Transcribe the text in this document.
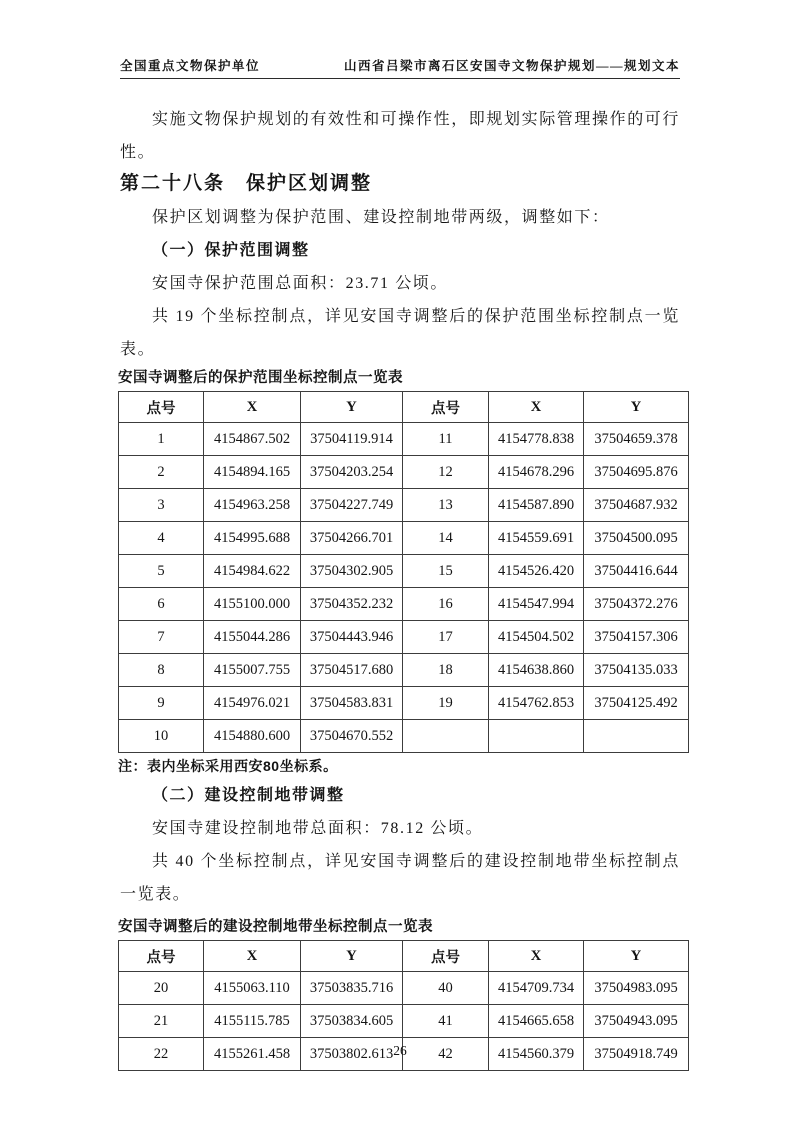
全国重点文物保护单位	山西省吕梁市离石区安国寺文物保护规划——规划文本

实施文物保护规划的有效性和可操作性，即规划实际管理操作的可行性。

第二十八条　保护区划调整

保护区划调整为保护范围、建设控制地带两级，调整如下：

（一）保护范围调整

安国寺保护范围总面积：23.71 公顷。

共 19 个坐标控制点，详见安国寺调整后的保护范围坐标控制点一览表。

安国寺调整后的保护范围坐标控制点一览表
点号	X	Y	点号	X	Y
1	4154867.502	37504119.914	11	4154778.838	37504659.378
2	4154894.165	37504203.254	12	4154678.296	37504695.876
3	4154963.258	37504227.749	13	4154587.890	37504687.932
4	4154995.688	37504266.701	14	4154559.691	37504500.095
5	4154984.622	37504302.905	15	4154526.420	37504416.644
6	4155100.000	37504352.232	16	4154547.994	37504372.276
7	4155044.286	37504443.946	17	4154504.502	37504157.306
8	4155007.755	37504517.680	18	4154638.860	37504135.033
9	4154976.021	37504583.831	19	4154762.853	37504125.492
10	4154880.600	37504670.552			
注：表内坐标采用西安80坐标系。
（二）建设控制地带调整

安国寺建设控制地带总面积：78.12 公顷。

共 40 个坐标控制点，详见安国寺调整后的建设控制地带坐标控制点一览表。

安国寺调整后的建设控制地带坐标控制点一览表
点号	X	Y	点号	X	Y
20	4155063.110	37503835.716	40	4154709.734	37504983.095
21	4155115.785	37503834.605	41	4154665.658	37504943.095
22	4155261.458	37503802.613	42	4154560.379	37504918.749
26
